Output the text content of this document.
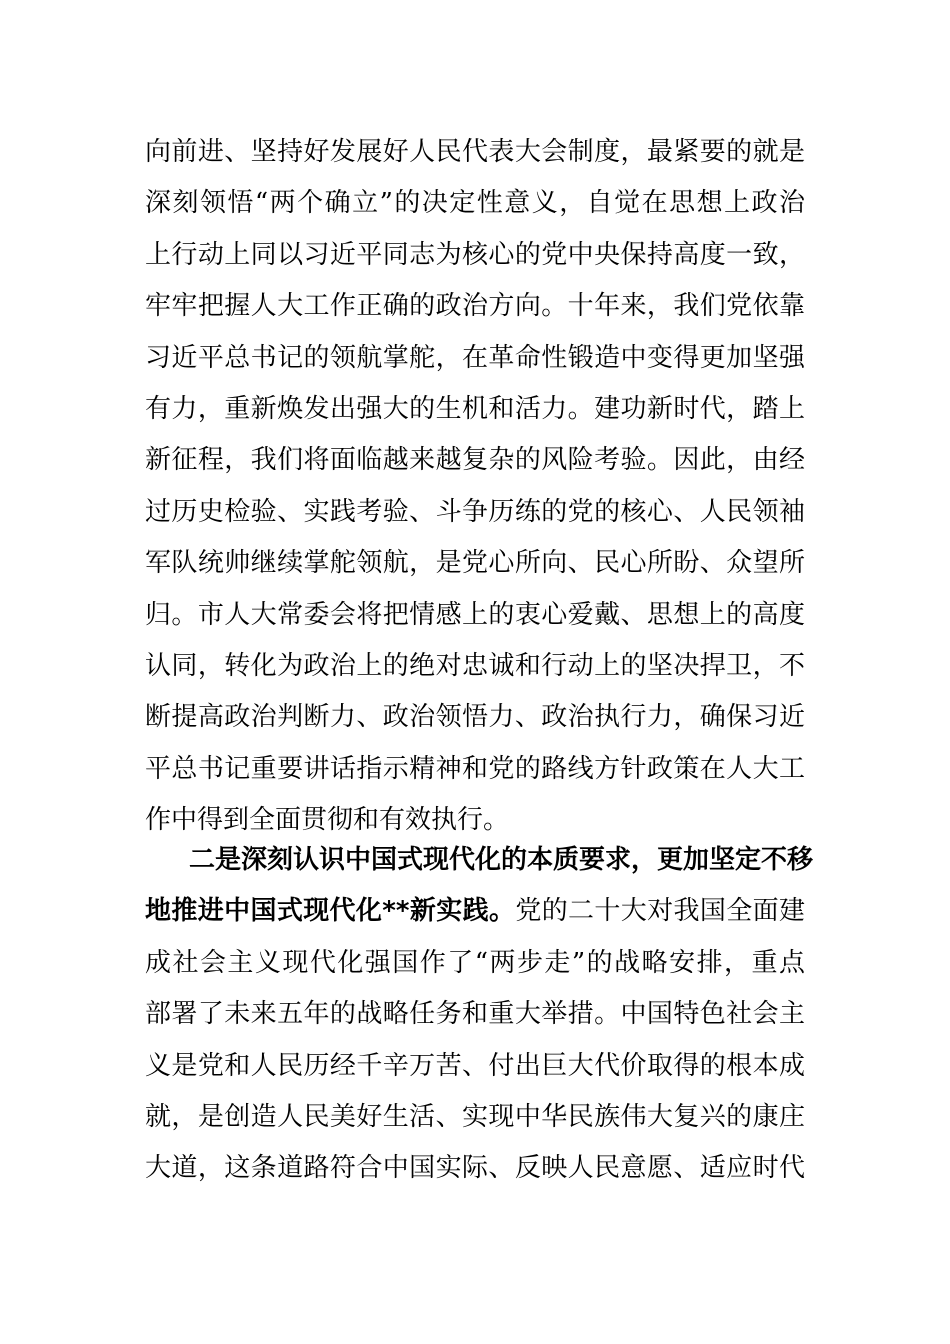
向前进、坚持好发展好人民代表大会制度，最紧要的就是
深刻领悟“两个确立”的决定性意义，自觉在思想上政治
上行动上同以习近平同志为核心的党中央保持高度一致，
牢牢把握人大工作正确的政治方向。十年来，我们党依靠
习近平总书记的领航掌舵，在革命性锻造中变得更加坚强
有力，重新焕发出强大的生机和活力。建功新时代，踏上
新征程，我们将面临越来越复杂的风险考验。因此，由经
过历史检验、实践考验、斗争历练的党的核心、人民领袖
军队统帅继续掌舵领航，是党心所向、民心所盼、众望所
归。市人大常委会将把情感上的衷心爱戴、思想上的高度
认同，转化为政治上的绝对忠诚和行动上的坚决捍卫，不
断提高政治判断力、政治领悟力、政治执行力，确保习近
平总书记重要讲话指示精神和党的路线方针政策在人大工
作中得到全面贯彻和有效执行。
二是深刻认识中国式现代化的本质要求，更加坚定不移
地推进中国式现代化**新实践。党的二十大对我国全面建
成社会主义现代化强国作了“两步走”的战略安排，重点
部署了未来五年的战略任务和重大举措。中国特色社会主
义是党和人民历经千辛万苦、付出巨大代价取得的根本成
就，是创造人民美好生活、实现中华民族伟大复兴的康庄
大道，这条道路符合中国实际、反映人民意愿、适应时代
